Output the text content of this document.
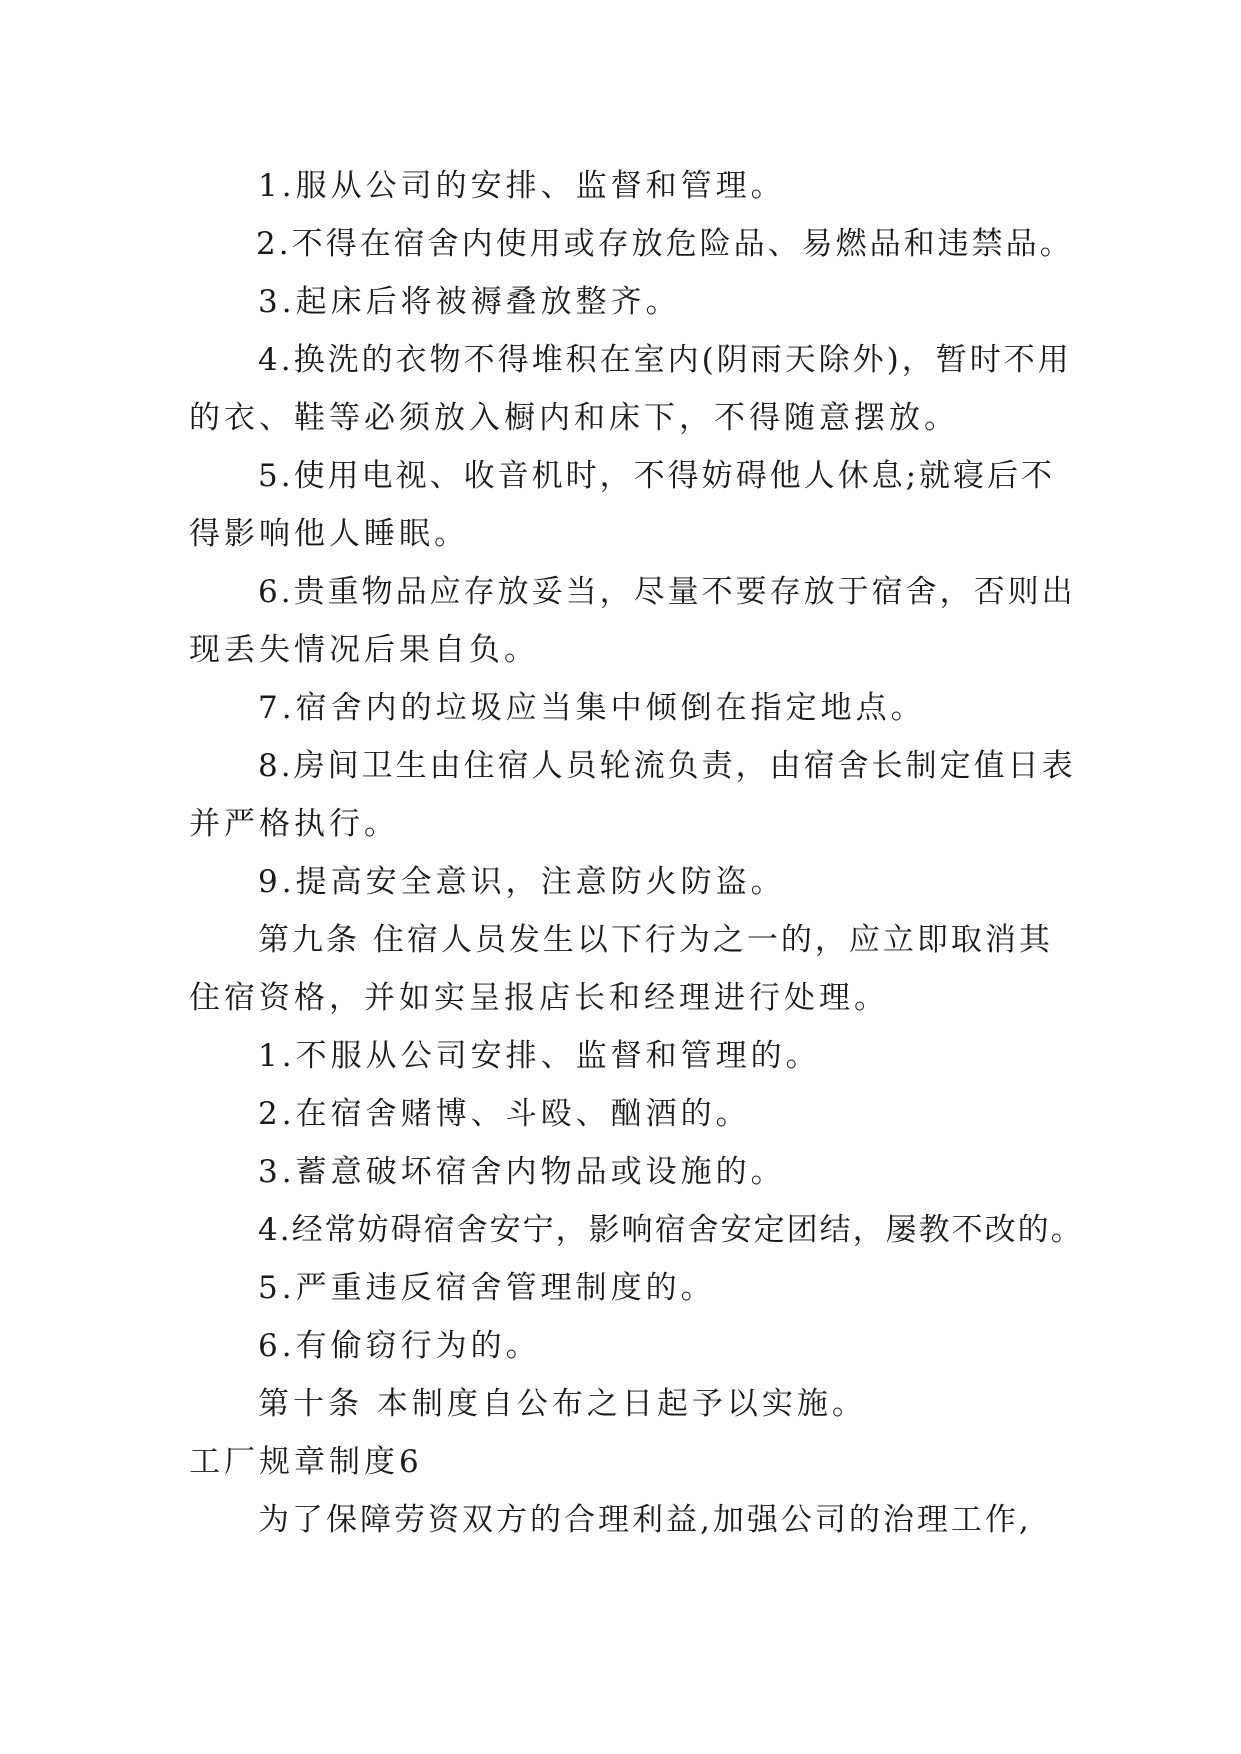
1.服从公司的安排、监督和管理。
2.不得在宿舍内使用或存放危险品、易燃品和违禁品。
3.起床后将被褥叠放整齐。
4.换洗的衣物不得堆积在室内(阴雨天除外)，暂时不用
的衣、鞋等必须放入橱内和床下，不得随意摆放。
5.使用电视、收音机时，不得妨碍他人休息;就寝后不
得影响他人睡眠。
6.贵重物品应存放妥当，尽量不要存放于宿舍，否则出
现丢失情况后果自负。
7.宿舍内的垃圾应当集中倾倒在指定地点。
8.房间卫生由住宿人员轮流负责，由宿舍长制定值日表
并严格执行。
9.提高安全意识，注意防火防盗。
第九条 住宿人员发生以下行为之一的，应立即取消其
住宿资格，并如实呈报店长和经理进行处理。
1.不服从公司安排、监督和管理的。
2.在宿舍赌博、斗殴、酗酒的。
3.蓄意破坏宿舍内物品或设施的。
4.经常妨碍宿舍安宁，影响宿舍安定团结，屡教不改的。
5.严重违反宿舍管理制度的。
6.有偷窃行为的。
第十条 本制度自公布之日起予以实施。
工厂规章制度6
为了保障劳资双方的合理利益,加强公司的治理工作,
